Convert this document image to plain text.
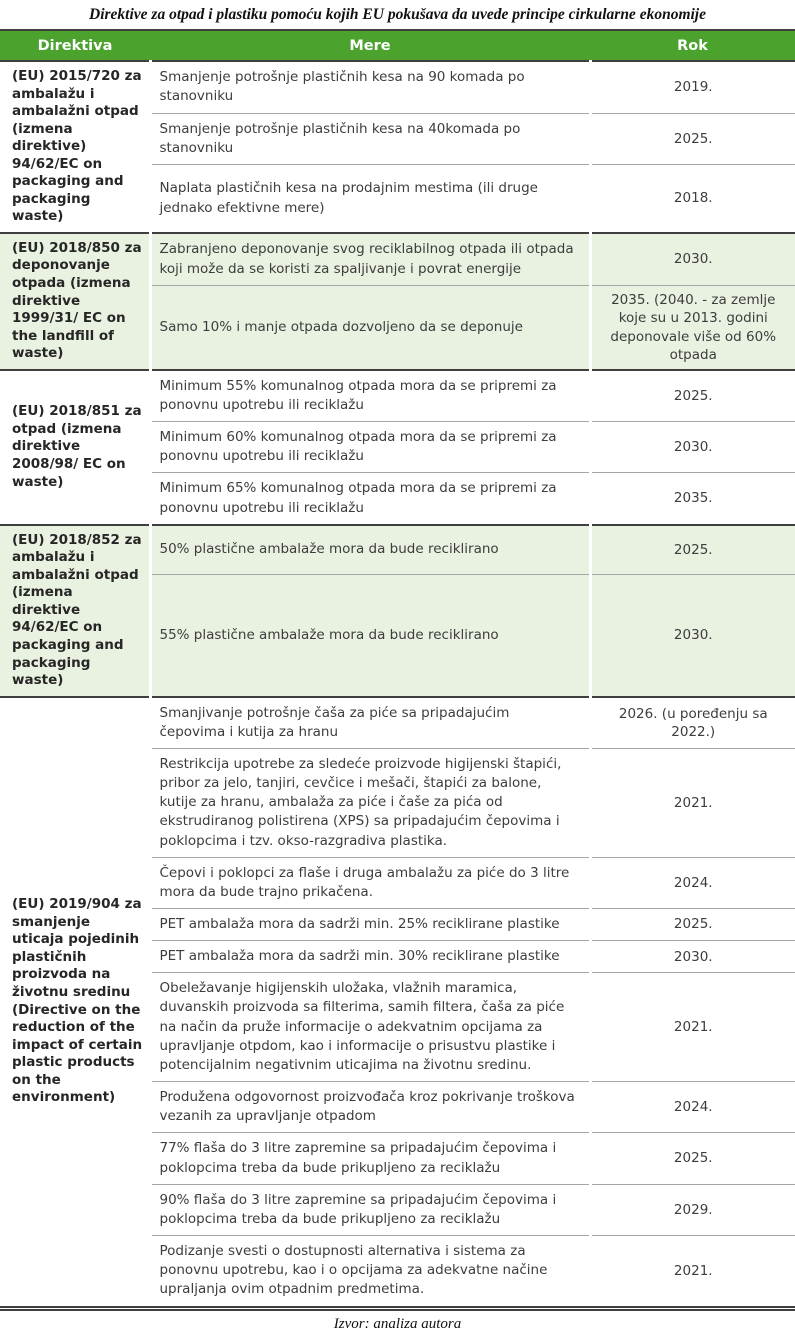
Direktive za otpad i plastiku pomoću kojih EU pokušava da uvede principe cirkularne ekonomije
Direktiva	Mere	Rok
(EU) 2015/720 za ambalažu i ambalažni otpad (izmena direktive) 94/62/EC on packaging and packaging waste)	Smanjenje potrošnje plastičnih kesa na 90 komada po stanovniku	2019.
	Smanjenje potrošnje plastičnih kesa na 40komada po stanovniku	2025.
	Naplata plastičnih kesa na prodajnim mestima (ili druge jednako efektivne mere)	2018.
(EU) 2018/850 za deponovanje otpada (izmena direktive 1999/31/ EC on the landfill of waste)	Zabranjeno deponovanje svog reciklabilnog otpada ili otpada koji može da se koristi za spaljivanje i povrat energije	2030.
	Samo 10% i manje otpada dozvoljeno da se deponuje	2035. (2040. - za zemlje koje su u 2013. godini deponovale više od 60% otpada
(EU) 2018/851 za otpad (izmena direktive 2008/98/ EC on waste)	Minimum 55% komunalnog otpada mora da se pripremi za ponovnu upotrebu ili reciklažu	2025.
	Minimum 60% komunalnog otpada mora da se pripremi za ponovnu upotrebu ili reciklažu	2030.
	Minimum 65% komunalnog otpada mora da se pripremi za ponovnu upotrebu ili reciklažu	2035.
(EU) 2018/852 za ambalažu i ambalažni otpad (izmena direktive 94/62/EC on packaging and packaging waste)	50% plastične ambalaže mora da bude reciklirano	2025.
	55% plastične ambalaže mora da bude reciklirano	2030.
(EU) 2019/904 za smanjenje uticaja pojedinih plastičnih proizvoda na životnu sredinu (Directive on the reduction of the impact of certain plastic products on the environment)	Smanjivanje potrošnje čaša za piće sa pripadajućim čepovima i kutija za hranu	2026. (u poređenju sa 2022.)
	Restrikcija upotrebe za sledeće proizvode higijenski štapići, pribor za jelo, tanjiri, cevčice i mešači, štapići za balone, kutije za hranu, ambalaža za piće i čaše za pića od ekstrudiranog polistirena (XPS) sa pripadajućim čepovima i poklopcima i tzv. okso-razgradiva plastika.	2021.
	Čepovi i poklopci za flaše i druga ambalažu za piće do 3 litre mora da bude trajno prikačena.	2024.
	PET ambalaža mora da sadrži min. 25% reciklirane plastike	2025.
	PET ambalaža mora da sadrži min. 30% reciklirane plastike	2030.
	Obeležavanje higijenskih uložaka, vlažnih maramica, duvanskih proizvoda sa filterima, samih filtera, čaša za piće na način da pruže informacije o adekvatnim opcijama za upravljanje otpdom, kao i informacije o prisustvu plastike i potencijalnim negativnim uticajima na životnu sredinu.	2021.
	Produžena odgovornost proizvođača kroz pokrivanje troškova vezanih za upravljanje otpadom	2024.
	77% flaša do 3 litre zapremine sa pripadajućim čepovima i poklopcima treba da bude prikupljeno za reciklažu	2025.
	90% flaša do 3 litre zapremine sa pripadajućim čepovima i poklopcima treba da bude prikupljeno za reciklažu	2029.
	Podizanje svesti o dostupnosti alternativa i sistema za ponovnu upotrebu, kao i o opcijama za adekvatne načine upraljanja ovim otpadnim predmetima.	2021.
Izvor: analiza autora
